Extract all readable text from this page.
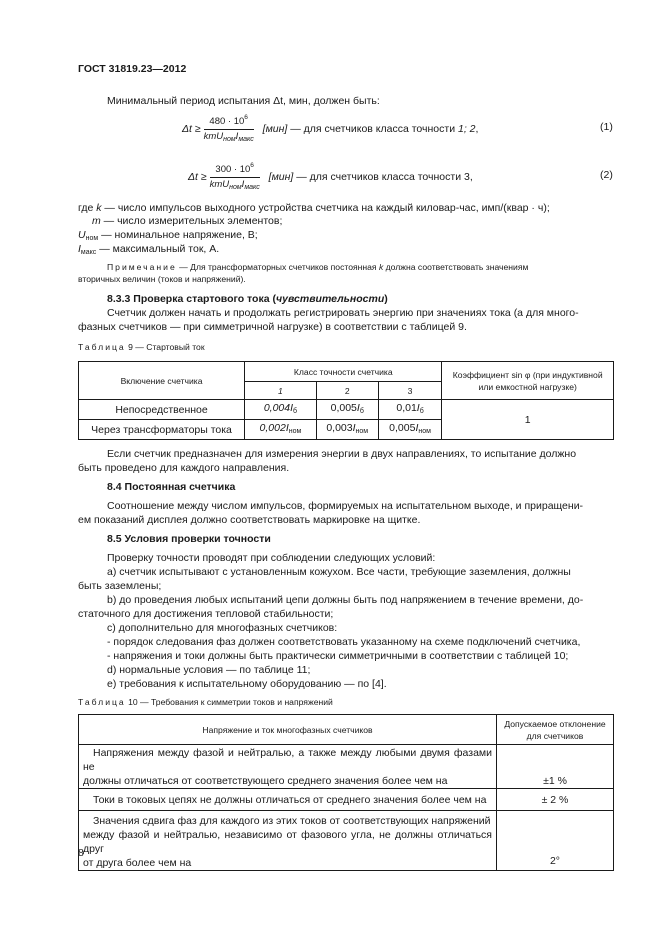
ГОСТ 31819.23—2012
Минимальный период испытания Δt, мин, должен быть:
$\Delta t \ge \frac{480 \cdot 10^6}{kmU_{ном}I_{макс}} [мин]$ — для счетчиков класса точности 1; 2,	(1)
$\Delta t \ge \frac{300 \cdot 10^6}{kmU_{ном}I_{макс}} [мин]$ — для счетчиков класса точности 3,	(2)
где k — число импульсов выходного устройства счетчика на каждый киловар-час, имп/(квар · ч);
m — число измерительных элементов;
$U_{ном}$ — номинальное напряжение, В;
$I_{макс}$ — максимальный ток, А.
Примечание — Для трансформаторных счетчиков постоянная k должна соответствовать значениям
вторичных величин (токов и напряжений).
8.3.3 Проверка стартового тока (чувствительности)
Счетчик должен начать и продолжать регистрировать энергию при значениях тока (а для много-
фазных счетчиков — при симметричной нагрузке) в соответствии с таблицей 9.
Таблица 9 — Стартовый ток
Включение счетчика	Класс точности счетчика			Коэффициент sin φ (при индуктивной
или емкостной нагрузке)

	1	2	3	
Непосредственное	$0,004I_б$	$0,005I_б$	$0,01I_б$	1
Через трансформаторы тока	$0,002I_{ном}$	$0,003I_{ном}$	$0,005I_{ном}$
Если счетчик предназначен для измерения энергии в двух направлениях, то испытание должно
быть проведено для каждого направления.
8.4 Постоянная счетчика
Соотношение между числом импульсов, формируемых на испытательном выходе, и приращени-
ем показаний дисплея должно соответствовать маркировке на щитке.
8.5 Условия проверки точности
Проверку точности проводят при соблюдении следующих условий:
а) счетчик испытывают с установленным кожухом. Все части, требующие заземления, должны
быть заземлены;
b) до проведения любых испытаний цепи должны быть под напряжением в течение времени, до-
статочного для достижения тепловой стабильности;
с) дополнительно для многофазных счетчиков:
- порядок следования фаз должен соответствовать указанному на схеме подключений счетчика,
- напряжения и токи должны быть практически симметричными в соответствии с таблицей 10;
d) нормальные условия — по таблице 11;
е) требования к испытательному оборудованию — по [4].
Таблица 10 — Требования к симметрии токов и напряжений
Напряжение и ток многофазных счетчиков	Допускаемое отклонение
для счетчиков

Напряжения между фазой и нейтралью, а также между любыми двумя фазами не
должны отличаться от соответствующего среднего значения более чем на	±1 %
Токи в токовых цепях не должны отличаться от среднего значения более чем на	± 2 %

Значения сдвига фаз для каждого из этих токов от соответствующих напряжений
между фазой и нейтралью, независимо от фазового угла, не должны отличаться друг
от друга более чем на	2°
8
